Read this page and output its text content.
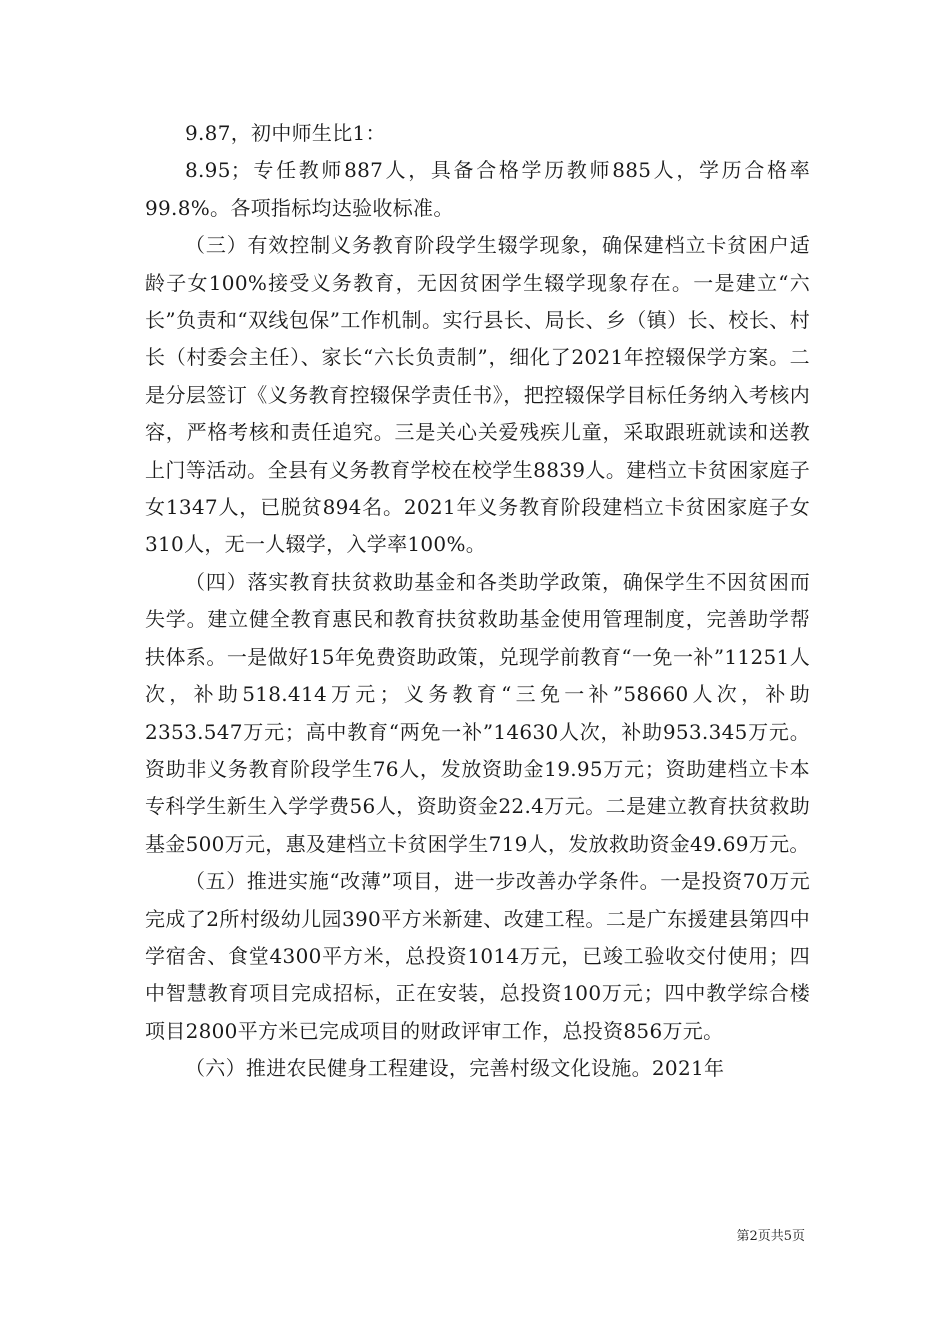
9.87，初中师生比1：

8.95；专任教师887人，具备合格学历教师885人，学历合格率99.8%。各项指标均达验收标准。

（三）有效控制义务教育阶段学生辍学现象，确保建档立卡贫困户适龄子女100%接受义务教育，无因贫困学生辍学现象存在。一是建立“六长”负责和“双线包保”工作机制。实行县长、局长、乡（镇）长、校长、村长（村委会主任）、家长“六长负责制”，细化了2021年控辍保学方案。二是分层签订《义务教育控辍保学责任书》，把控辍保学目标任务纳入考核内容，严格考核和责任追究。三是关心关爱残疾儿童，采取跟班就读和送教上门等活动。全县有义务教育学校在校学生8839人。建档立卡贫困家庭子女1347人，已脱贫894名。2021年义务教育阶段建档立卡贫困家庭子女310人，无一人辍学，入学率100%。

（四）落实教育扶贫救助基金和各类助学政策，确保学生不因贫困而失学。建立健全教育惠民和教育扶贫救助基金使用管理制度，完善助学帮扶体系。一是做好15年免费资助政策，兑现学前教育“一免一补”11251人次，补助518.414万元；义务教育“三免一补”58660人次，补助2353.547万元；高中教育“两免一补”14630人次，补助953.345万元。资助非义务教育阶段学生76人，发放资助金19.95万元；资助建档立卡本专科学生新生入学学费56人，资助资金22.4万元。二是建立教育扶贫救助基金500万元，惠及建档立卡贫困学生719人，发放救助资金49.69万元。

（五）推进实施“改薄”项目，进一步改善办学条件。一是投资70万元完成了2所村级幼儿园390平方米新建、改建工程。二是广东援建县第四中学宿舍、食堂4300平方米，总投资1014万元，已竣工验收交付使用；四中智慧教育项目完成招标，正在安装，总投资100万元；四中教学综合楼项目2800平方米已完成项目的财政评审工作，总投资856万元。

（六）推进农民健身工程建设，完善村级文化设施。2021年

第2页共5页
